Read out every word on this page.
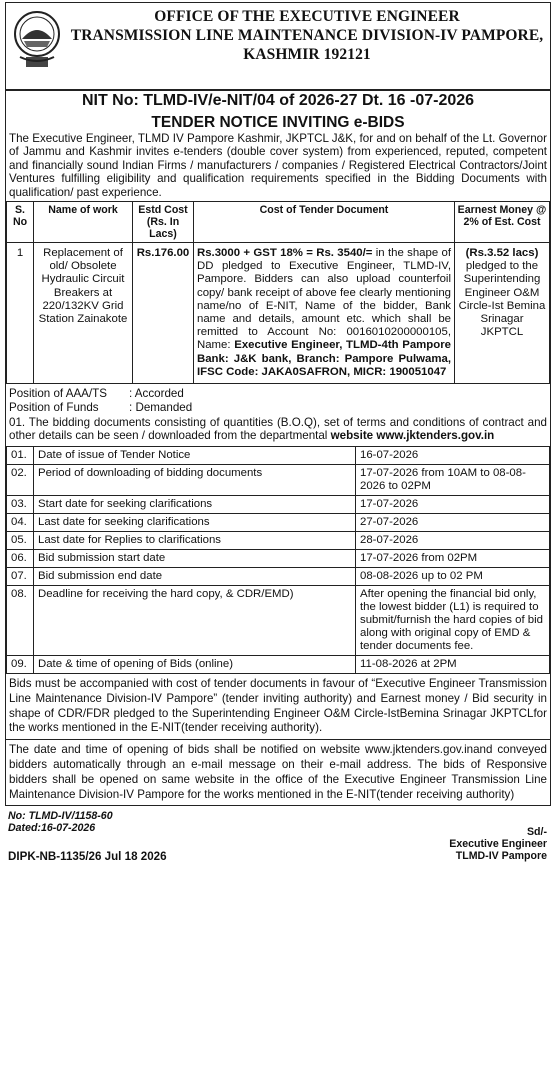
OFFICE OF THE EXECUTIVE ENGINEER
TRANSMISSION LINE MAINTENANCE DIVISION-IV PAMPORE,
KASHMIR 192121
NIT No: TLMD-IV/e-NIT/04 of 2026-27 Dt. 16 -07-2026
TENDER NOTICE INVITING e-BIDS
The Executive Engineer, TLMD IV Pampore Kashmir, JKPTCL J&K, for and on behalf of the Lt. Governor of Jammu and Kashmir invites e-tenders (double cover system) from experienced, reputed, competent and financially sound Indian Firms / manufacturers / companies / Registered Electrical Contractors/Joint Ventures fulfilling eligibility and qualification requirements specified in the Bidding Documents with qualification/ past experience.
S. No	Name of work	Estd Cost (Rs. In Lacs)	Cost of Tender Document	Earnest Money @ 2% of Est. Cost
1	Replacement of old/ Obsolete Hydraulic Circuit Breakers at 220/132KV Grid Station Zainakote	Rs.176.00	Rs.3000 + GST 18% = Rs. 3540/= in the shape of DD pledged to Executive Engineer, TLMD-IV, Pampore. Bidders can also upload counterfoil copy/ bank receipt of above fee clearly mentioning name/no of E-NIT, Name of the bidder, Bank name and details, amount etc. which shall be remitted to Account No: 0016010200000105, Name: Executive Engineer, TLMD-4th Pampore Bank: J&K bank, Branch: Pampore Pulwama, IFSC Code: JAKA0SAFRON, MICR: 190051047	(Rs.3.52 lacs)
pledged to the Superintending Engineer O&M Circle-Ist Bemina Srinagar JKPTCL
Position of AAA/TS : Accorded
Position of Funds	: Demanded
01. The bidding documents consisting of quantities (B.O.Q), set of terms and conditions of contract and other details can be seen / downloaded from the departmental website www.jktenders.gov.in
01.	Date of issue of Tender Notice	16-07-2026
02.	Period of downloading of bidding documents	17-07-2026 from 10AM to 08-08-2026 to 02PM
03.	Start date for seeking clarifications	17-07-2026
04.	Last date for seeking clarifications	27-07-2026
05.	Last date for Replies to clarifications	28-07-2026
06.	Bid submission start date	17-07-2026 from 02PM
07.	Bid submission end date	08-08-2026 up to 02 PM
08.	Deadline for receiving the hard copy, & CDR/EMD)	After opening the financial bid only, the lowest bidder (L1) is required to submit/furnish the hard copies of bid along with original copy of EMD & tender documents fee.
09.	Date & time of opening of Bids (online)	11-08-2026 at 2PM
Bids must be accompanied with cost of tender documents in favour of “Executive Engineer Transmission Line Maintenance Division-IV Pampore” (tender inviting authority) and Earnest money / Bid security in shape of CDR/FDR pledged to the Superintending Engineer O&M Circle-IstBemina Srinagar JKPTCLfor the works mentioned in the E-NIT(tender receiving authority).
The date and time of opening of bids shall be notified on website www.jktenders.gov.inand conveyed bidders automatically through an e-mail message on their e-mail address. The bids of Responsive bidders shall be opened on same website in the office of the Executive Engineer Transmission Line Maintenance Division-IV Pampore for the works mentioned in the E-NIT(tender receiving authority)
No: TLMD-IV/1158-60
Dated:16-07-2026
DIPK-NB-1135/26 Jul 18 2026
Sd/-
Executive Engineer
TLMD-IV Pampore
